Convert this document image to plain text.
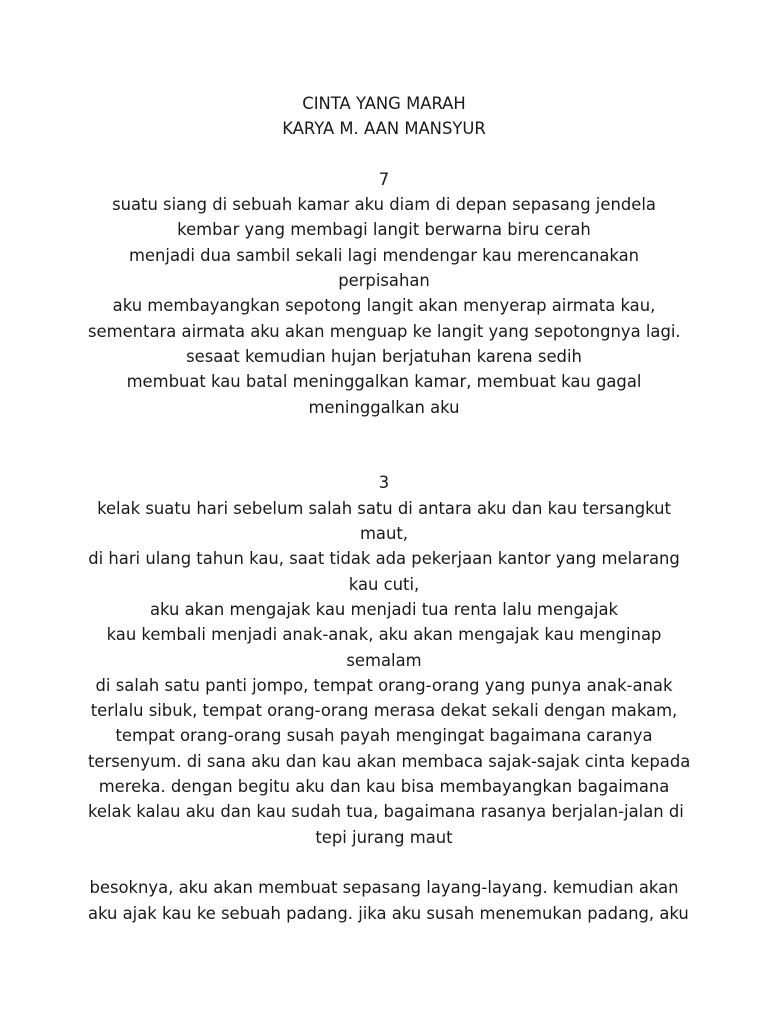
CINTA YANG MARAH
KARYA M. AAN MANSYUR
7
suatu siang di sebuah kamar aku diam di depan sepasang jendela
kembar yang membagi langit berwarna biru cerah
menjadi dua sambil sekali lagi mendengar kau merencanakan
perpisahan
aku membayangkan sepotong langit akan menyerap airmata kau,
sementara airmata aku akan menguap ke langit yang sepotongnya lagi.
sesaat kemudian hujan berjatuhan karena sedih
membuat kau batal meninggalkan kamar, membuat kau gagal
meninggalkan aku
3
kelak suatu hari sebelum salah satu di antara aku dan kau tersangkut
maut,
di hari ulang tahun kau, saat tidak ada pekerjaan kantor yang melarang
kau cuti,
aku akan mengajak kau menjadi tua renta lalu mengajak
kau kembali menjadi anak-anak, aku akan mengajak kau menginap
semalam
di salah satu panti jompo, tempat orang-orang yang punya anak-anak
terlalu sibuk, tempat orang-orang merasa dekat sekali dengan makam,
tempat orang-orang susah payah mengingat bagaimana caranya
tersenyum. di sana aku dan kau akan membaca sajak-sajak cinta kepada
mereka. dengan begitu aku dan kau bisa membayangkan bagaimana
kelak kalau aku dan kau sudah tua, bagaimana rasanya berjalan-jalan di
tepi jurang maut
besoknya, aku akan membuat sepasang layang-layang. kemudian akan
aku ajak kau ke sebuah padang. jika aku susah menemukan padang, aku
